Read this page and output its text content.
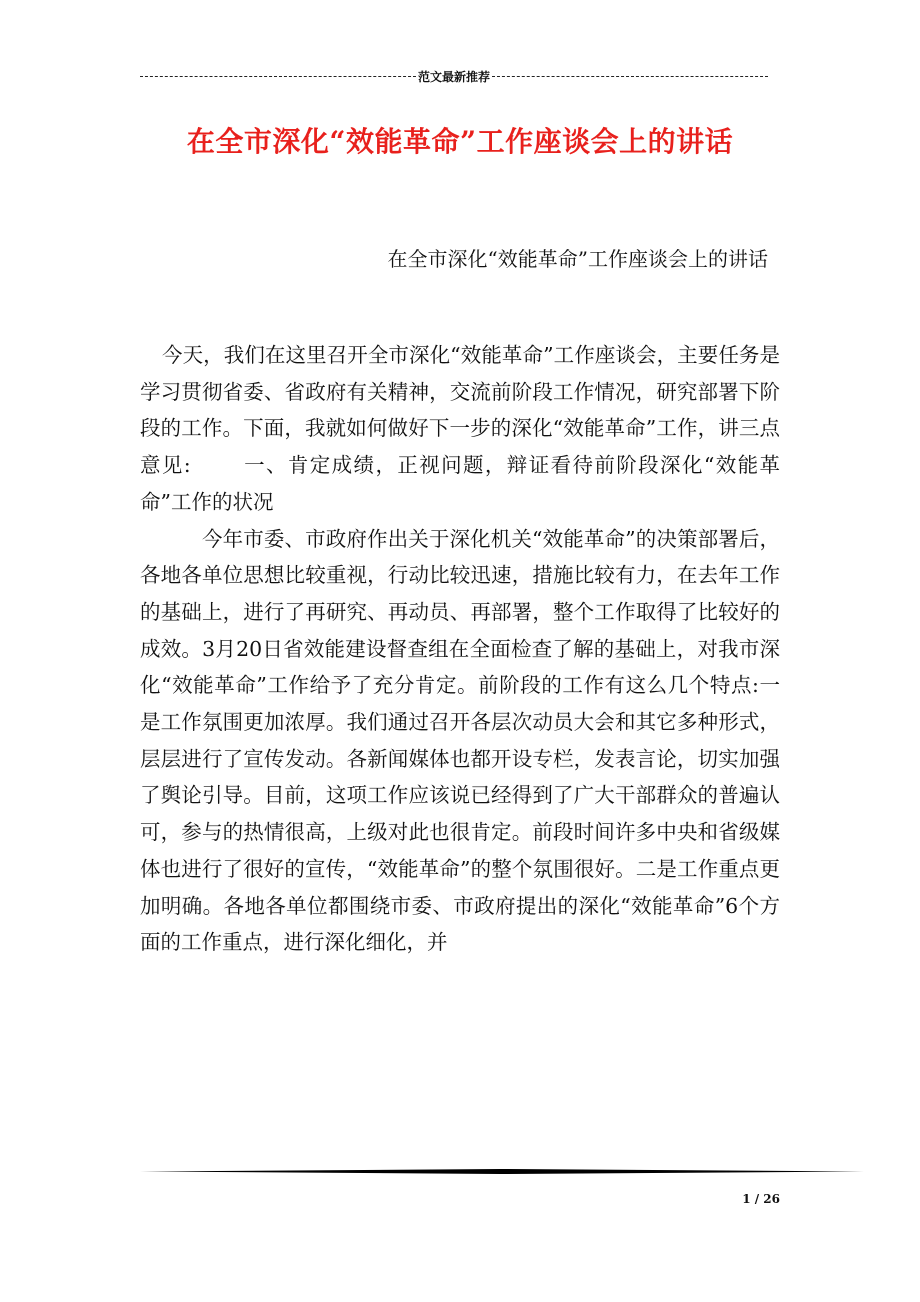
范文最新推荐
在全市深化“效能革命”工作座谈会上的讲话
在全市深化“效能革命”工作座谈会上的讲话

今天，我们在这里召开全市深化“效能革命”工作座谈会，主要任务是学习贯彻省委、省政府有关精神，交流前阶段工作情况，研究部署下阶段的工作。下面，我就如何做好下一步的深化“效能革命”工作，讲三点意见:	一、肯定成绩，正视问题，辩证看待前阶段深化“效能革命”工作的状况

今年市委、市政府作出关于深化机关“效能革命”的决策部署后，各地各单位思想比较重视，行动比较迅速，措施比较有力，在去年工作的基础上，进行了再研究、再动员、再部署，整个工作取得了比较好的成效。3月20日省效能建设督查组在全面检查了解的基础上，对我市深化“效能革命”工作给予了充分肯定。前阶段的工作有这么几个特点:一是工作氛围更加浓厚。我们通过召开各层次动员大会和其它多种形式，层层进行了宣传发动。各新闻媒体也都开设专栏，发表言论，切实加强了舆论引导。目前，这项工作应该说已经得到了广大干部群众的普遍认可，参与的热情很高，上级对此也很肯定。前段时间许多中央和省级媒体也进行了很好的宣传，“效能革命”的整个氛围很好。二是工作重点更加明确。各地各单位都围绕市委、市政府提出的深化“效能革命”6个方面的工作重点，进行深化细化，并

1 / 26
